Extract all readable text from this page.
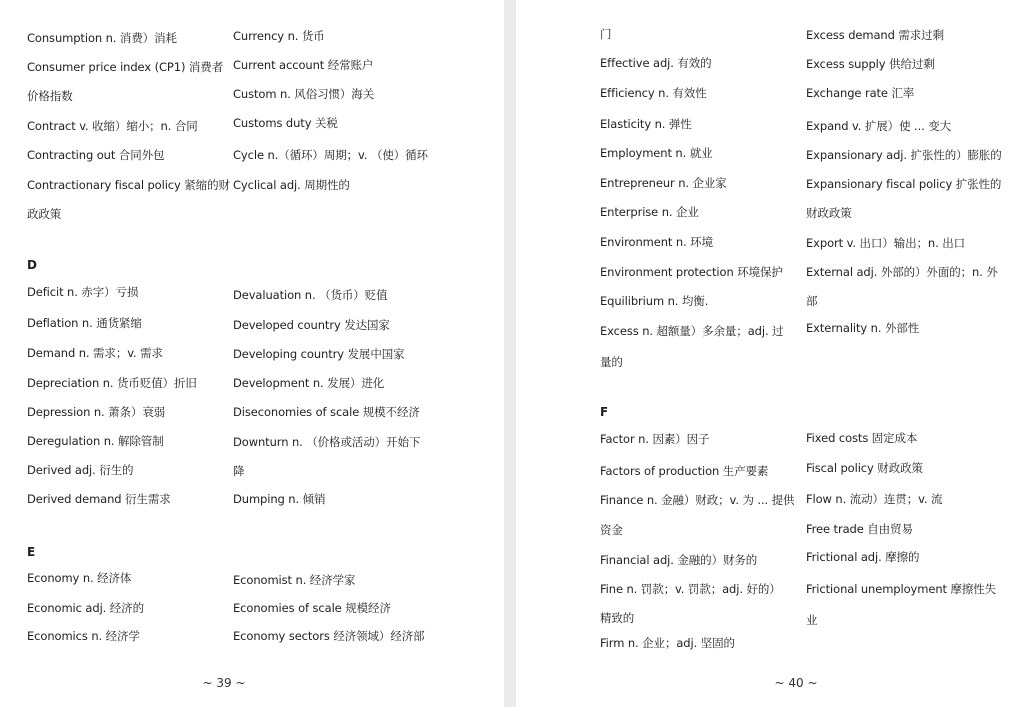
Consumption n. 消费）消耗
Consumer price index (CP1) 消费者
价格指数
Contract v. 收缩）缩小；n. 合同
Contracting out 合同外包
Contractionary fiscal policy 紧缩的财
政政策
Currency n. 货币
Current account 经常账户
Custom n. 风俗习惯）海关
Customs duty 关税
Cycle n.（循环）周期；v. （使）循环
Cyclical adj. 周期性的
D
Deficit n. 赤字）亏损
Deflation n. 通货紧缩
Demand n. 需求；v. 需求
Depreciation n. 货币贬值）折旧
Depression n. 萧条）衰弱
Deregulation n. 解除管制
Derived adj. 衍生的
Derived demand 衍生需求
Devaluation n. （货币）贬值
Developed country 发达国家
Developing country 发展中国家
Development n. 发展）进化
Diseconomies of scale 规模不经济
Downturn n. （价格或活动）开始下
降
Dumping n. 倾销
E
Economy n. 经济体
Economic adj. 经济的
Economics n. 经济学
Economist n. 经济学家
Economies of scale 规模经济
Economy sectors 经济领域）经济部
~ 39 ~
门
Effective adj. 有效的
Efficiency n. 有效性
Elasticity n. 弹性
Employment n. 就业
Entrepreneur n. 企业家
Enterprise n. 企业
Environment n. 环境
Environment protection 环境保护
Equilibrium n. 均衡.
Excess n. 超额量）多余量；adj. 过
量的
Excess demand 需求过剩
Excess supply 供给过剩
Exchange rate 汇率
Expand v. 扩展）使 ... 变大
Expansionary adj. 扩张性的）膨胀的
Expansionary fiscal policy 扩张性的
财政政策
Export v. 出口）输出；n. 出口
External adj. 外部的）外面的；n. 外
部
Externality n. 外部性
F
Factor n. 因素）因子
Factors of production 生产要素
Finance n. 金融）财政；v. 为 ... 提供
资金
Financial adj. 金融的）财务的
Fine n. 罚款；v. 罚款；adj. 好的）
精致的
Firm n. 企业；adj. 坚固的
Fixed costs 固定成本
Fiscal policy 财政政策
Flow n. 流动）连贯；v. 流
Free trade 自由贸易
Frictional adj. 摩擦的
Frictional unemployment 摩擦性失
业
~ 40 ~
